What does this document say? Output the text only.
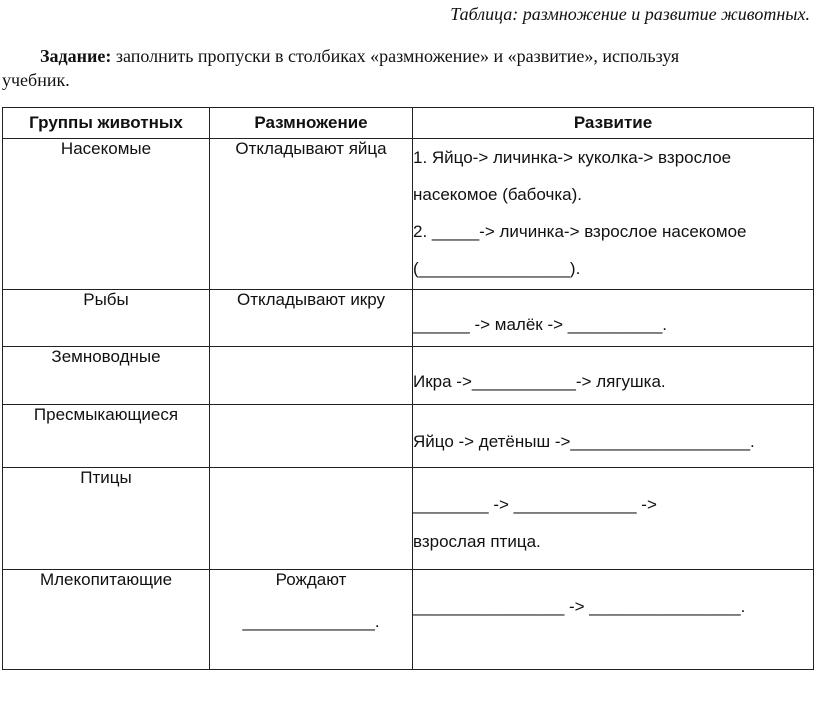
Таблица: размножение и развитие животных.
Задание: заполнить пропуски в столбиках «размножение» и «развитие», используя
учебник.
Группы животных	Размножение	Развитие
Насекомые	Откладывают яйца	1. Яйцо-> личинка-> куколка-> взрослое
насекомое (бабочка).
2. _____-> личинка-> взрослое насекомое
(________________).

Рыбы	Откладывают икру	______ -> малёк -> __________.

Земноводные		Икра ->___________-> лягушка.

Пресмыкающиеся		Яйцо -> детёныш ->___________________.

Птицы		________ -> _____________ ->
взрослая птица.

Млекопитающие	Рождают
______________.	________________ -> ________________.
